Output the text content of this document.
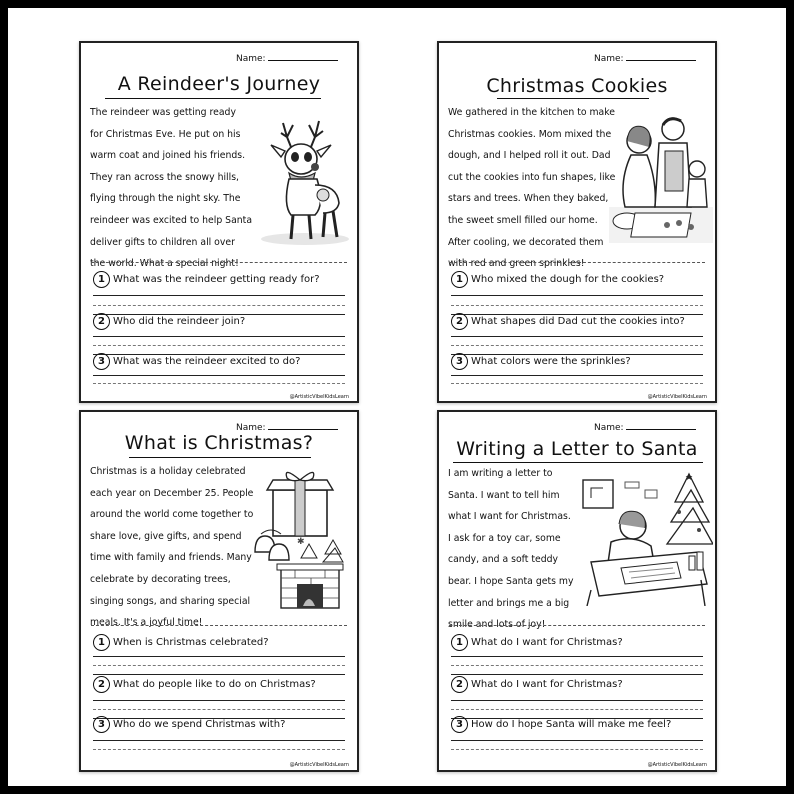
Name:
A Reindeer's Journey
The reindeer was getting ready
for Christmas Eve. He put on his
warm coat and joined his friends.
They ran across the snowy hills,
flying through the night sky. The
reindeer was excited to help Santa
deliver gifts to children all over
the world. What a special night!
1 What was the reindeer getting ready for?
2 Who did the reindeer join?
3 What was the reindeer excited to do?
@ArtisticVibeIKidsLearn
Name:
Christmas Cookies
We gathered in the kitchen to make
Christmas cookies. Mom mixed the
dough, and I helped roll it out. Dad
cut the cookies into fun shapes, like
stars and trees. When they baked,
the sweet smell filled our home.
After cooling, we decorated them
with red and green sprinkles!
1 Who mixed the dough for the cookies?
2 What shapes did Dad cut the cookies into?
3 What colors were the sprinkles?
@ArtisticVibeIKidsLearn
Name:
What is Christmas?
Christmas is a holiday celebrated
each year on December 25. People
around the world come together to
share love, give gifts, and spend
time with family and friends. Many
celebrate by decorating trees,
singing songs, and sharing special
meals. It's a joyful time!
✱
1 When is Christmas celebrated?
2 What do people like to do on Christmas?
3 Who do we spend Christmas with?
@ArtisticVibeIKidsLearn
Name:
Writing a Letter to Santa
I am writing a letter to
Santa. I want to tell him
what I want for Christmas.
I ask for a toy car, some
candy, and a soft teddy
bear. I hope Santa gets my
letter and brings me a big
smile and lots of joy!
★
1 What do I want for Christmas?
2 What do I want for Christmas?
3 How do I hope Santa will make me feel?
@ArtisticVibeIKidsLearn
